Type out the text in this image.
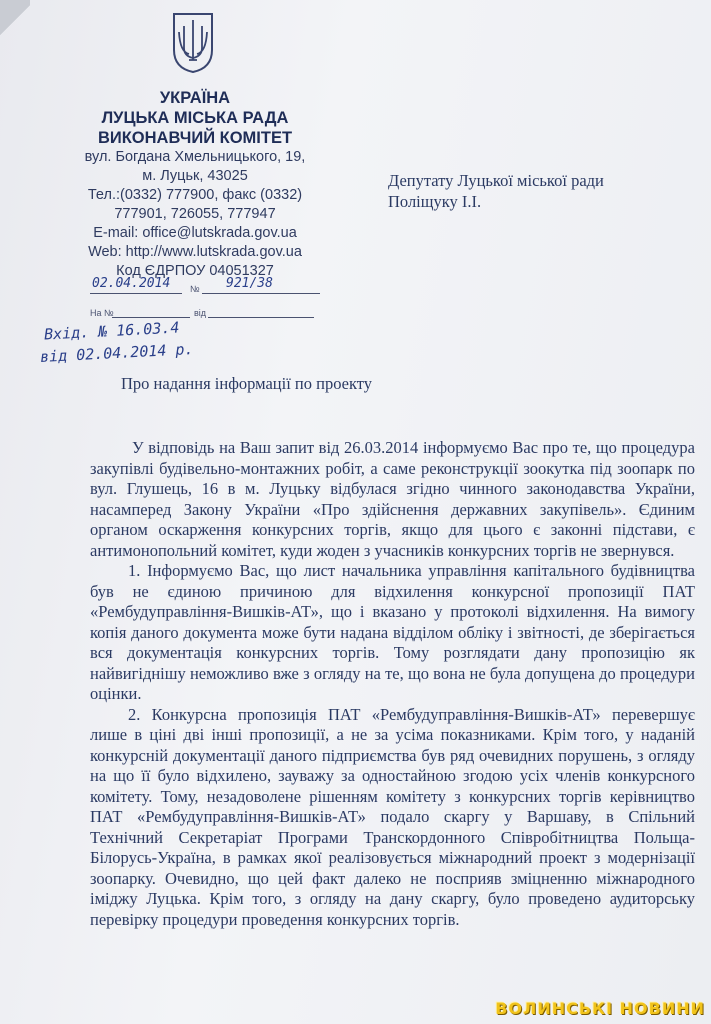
УКРАЇНА
ЛУЦЬКА МІСЬКА РАДА
ВИКОНАВЧИЙ КОМІТЕТ
вул. Богдана Хмельницького, 19,
м. Луцьк, 43025
Тел.:(0332) 777900, факс (0332)
777901, 726055, 777947
E-mail: office@lutskrada.gov.ua
Web: http://www.lutskrada.gov.ua
Код ЄДРПОУ 04051327
02.04.2014 № 921/38
На №	від
Вхід. № 16.03.4
від 02.04.2014 р.
Депутату Луцької міської ради
Поліщуку І.І.
Про надання інформації по проекту

У відповідь на Ваш запит від 26.03.2014 інформуємо Вас про те, що процедура закупівлі будівельно-монтажних робіт, а саме реконструкції зоокутка під зоопарк по вул. Глушець, 16 в м. Луцьку відбулася згідно чинного законодавства України, насамперед Закону України «Про здійснення державних закупівель». Єдиним органом оскарження конкурсних торгів, якщо для цього є законні підстави, є антимонопольний комітет, куди жоден з учасників конкурсних торгів не звернувся.

1. Інформуємо Вас, що лист начальника управління капітального будівництва був не єдиною причиною для відхилення конкурсної пропозиції ПАТ «Рембудуправління-Вишків-АТ», що і вказано у протоколі відхилення. На вимогу копія даного документа може бути надана відділом обліку і звітності, де зберігається вся документація конкурсних торгів. Тому розглядати дану пропозицію як найвигіднішу неможливо вже з огляду на те, що вона не була допущена до процедури оцінки.

2. Конкурсна пропозиція ПАТ «Рембудуправління-Вишків-АТ» перевершує лише в ціні дві інші пропозиції, а не за усіма показниками. Крім того, у наданій конкурсній документації даного підприємства був ряд очевидних порушень, з огляду на що її було відхилено, зауважу за одностайною згодою усіх членів конкурсного комітету. Тому, незадоволене рішенням комітету з конкурсних торгів керівництво ПАТ «Рембудуправління-Вишків-АТ» подало скаргу у Варшаву, в Спільний Технічний Секретаріат Програми Транскордонного Співробітництва Польща-Білорусь-Україна, в рамках якої реалізовується міжнародний проект з модернізації зоопарку. Очевидно, що цей факт далеко не посприяв зміцненню міжнародного іміджу Луцька. Крім того, з огляду на дану скаргу, було проведено аудиторську перевірку процедури проведення конкурсних торгів.

ВОЛИНСЬКІ НОВИНИ
